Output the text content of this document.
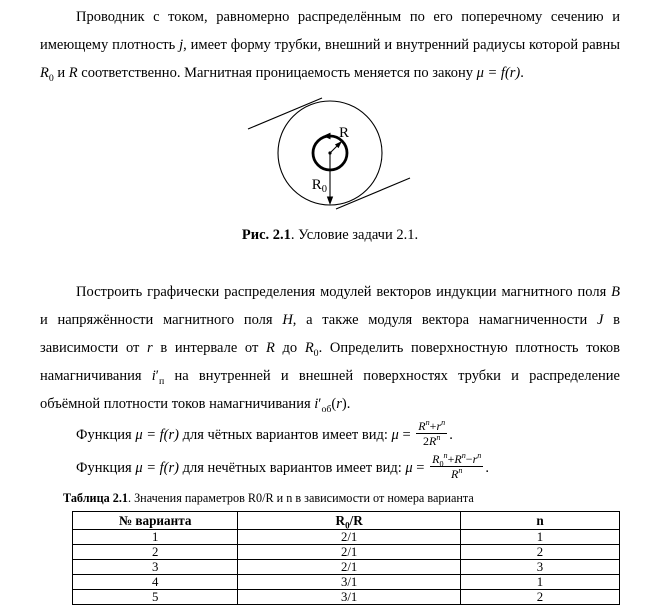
Проводник с током, равномерно распределённым по его поперечному сечению и имеющему плотность j, имеет форму трубки, внешний и внутренний радиусы которой равны $R_0$ и R соответственно. Магнитная проницаемость меняется по закону μ = f(r).

R
$R_0$
Рис. 2.1. Условие задачи 2.1.

Построить графически распределения модулей векторов индукции магнитного поля B и напряжённости магнитного поля H, а также модуля вектора намагниченности J в зависимости от r в интервале от R до $R_0$. Определить поверхностную плотность токов намагничивания $i'_п$ на внутренней и внешней поверхностях трубки и распределение объёмной плотности токов намагничивания $i'_{об}(r)$.

Функция μ = f(r) для чётных вариантов имеет вид: $\mu = \frac{R^n+r^n}{2R^n}$ .
Функция μ = f(r) для нечётных вариантов имеет вид: $\mu = \frac{R_0^n+R^n-r^n}{R^n}$ .
Таблица 2.1. Значения параметров R0/R и n в зависимости от номера варианта
№ варианта	$R_0/R$	n
1	2/1	1
2	2/1	2
3	2/1	3
4	3/1	1
5	3/1	2
